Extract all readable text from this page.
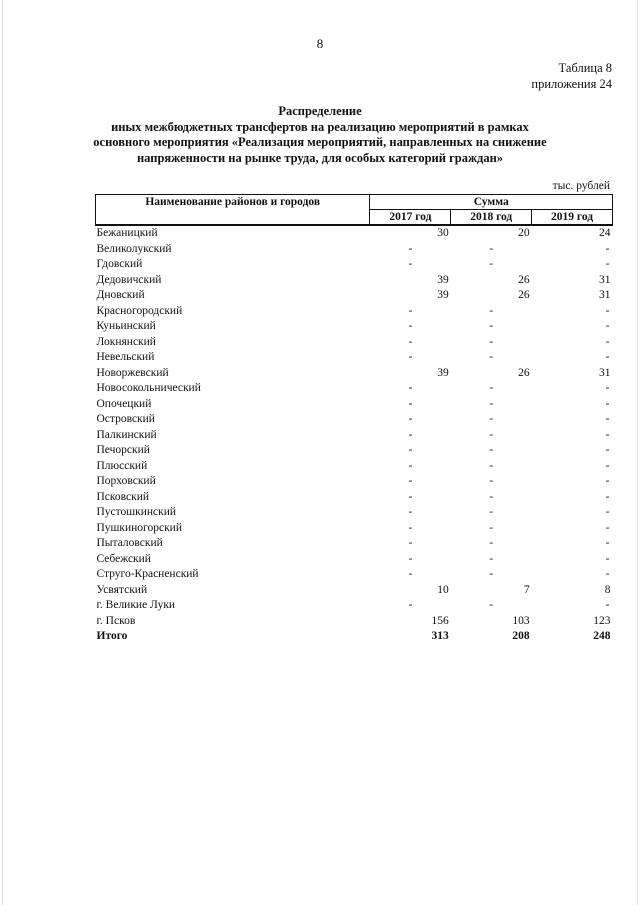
8
Таблица 8
приложения 24
Распределение
иных межбюджетных трансфертов на реализацию мероприятий в рамках основного мероприятия «Реализация мероприятий, направленных на снижение напряженности на рынке труда, для особых категорий граждан»
тыс. рублей
Наименование районов и городов	Сумма		
	2017 год	2018 год	2019 год
Бежаницкий	30	20	24
Великолукский	-	-	-
Гдовский	-	-	-
Дедовичский	39	26	31
Дновский	39	26	31
Красногородский	-	-	-
Куньинский	-	-	-
Локнянский	-	-	-
Невельский	-	-	-
Новоржевский	39	26	31
Новосокольнический	-	-	-
Опочецкий	-	-	-
Островский	-	-	-
Палкинский	-	-	-
Печорский	-	-	-
Плюсский	-	-	-
Порховский	-	-	-
Псковский	-	-	-
Пустошкинский	-	-	-
Пушкиногорский	-	-	-
Пыталовский	-	-	-
Себежский	-	-	-
Струго-Красненский	-	-	-
Усвятский	10	7	8
г. Великие Луки	-	-	-
г. Псков	156	103	123
Итого	313	208	248
